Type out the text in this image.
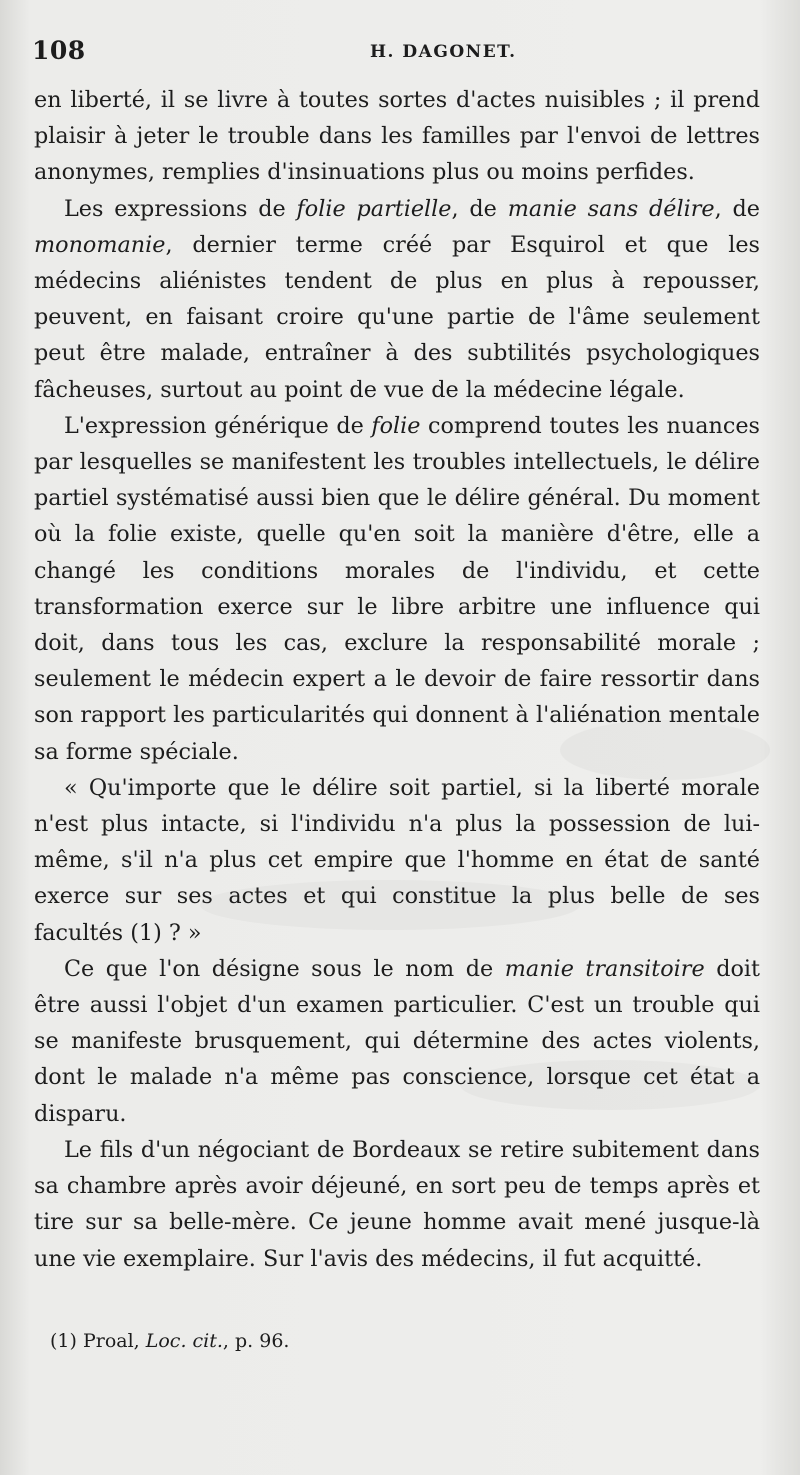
108	H. DAGONET.

en liberté, il se livre à toutes sortes d'actes nuisibles ; il prend plaisir à jeter le trouble dans les familles par l'envoi de lettres anonymes, remplies d'insinuations plus ou moins perfides.

Les expressions de folie partielle, de manie sans délire, de monomanie, dernier terme créé par Esquirol et que les médecins aliénistes tendent de plus en plus à repousser, peuvent, en faisant croire qu'une partie de l'âme seulement peut être malade, entraîner à des subtilités psychologiques fâcheuses, surtout au point de vue de la médecine légale.

L'expression générique de folie comprend toutes les nuances par lesquelles se manifestent les troubles intellectuels, le délire partiel systématisé aussi bien que le délire général. Du moment où la folie existe, quelle qu'en soit la manière d'être, elle a changé les conditions morales de l'individu, et cette transformation exerce sur le libre arbitre une influence qui doit, dans tous les cas, exclure la responsabilité morale ; seulement le médecin expert a le devoir de faire ressortir dans son rapport les particularités qui donnent à l'aliénation mentale sa forme spéciale.

« Qu'importe que le délire soit partiel, si la liberté morale n'est plus intacte, si l'individu n'a plus la possession de lui-même, s'il n'a plus cet empire que l'homme en état de santé exerce sur ses actes et qui constitue la plus belle de ses facultés (1) ? »

Ce que l'on désigne sous le nom de manie transitoire doit être aussi l'objet d'un examen particulier. C'est un trouble qui se manifeste brusquement, qui détermine des actes violents, dont le malade n'a même pas conscience, lorsque cet état a disparu.

Le fils d'un négociant de Bordeaux se retire subitement dans sa chambre après avoir déjeuné, en sort peu de temps après et tire sur sa belle-mère. Ce jeune homme avait mené jusque-là une vie exemplaire. Sur l'avis des médecins, il fut acquitté.

(1) Proal, Loc. cit., p. 96.
